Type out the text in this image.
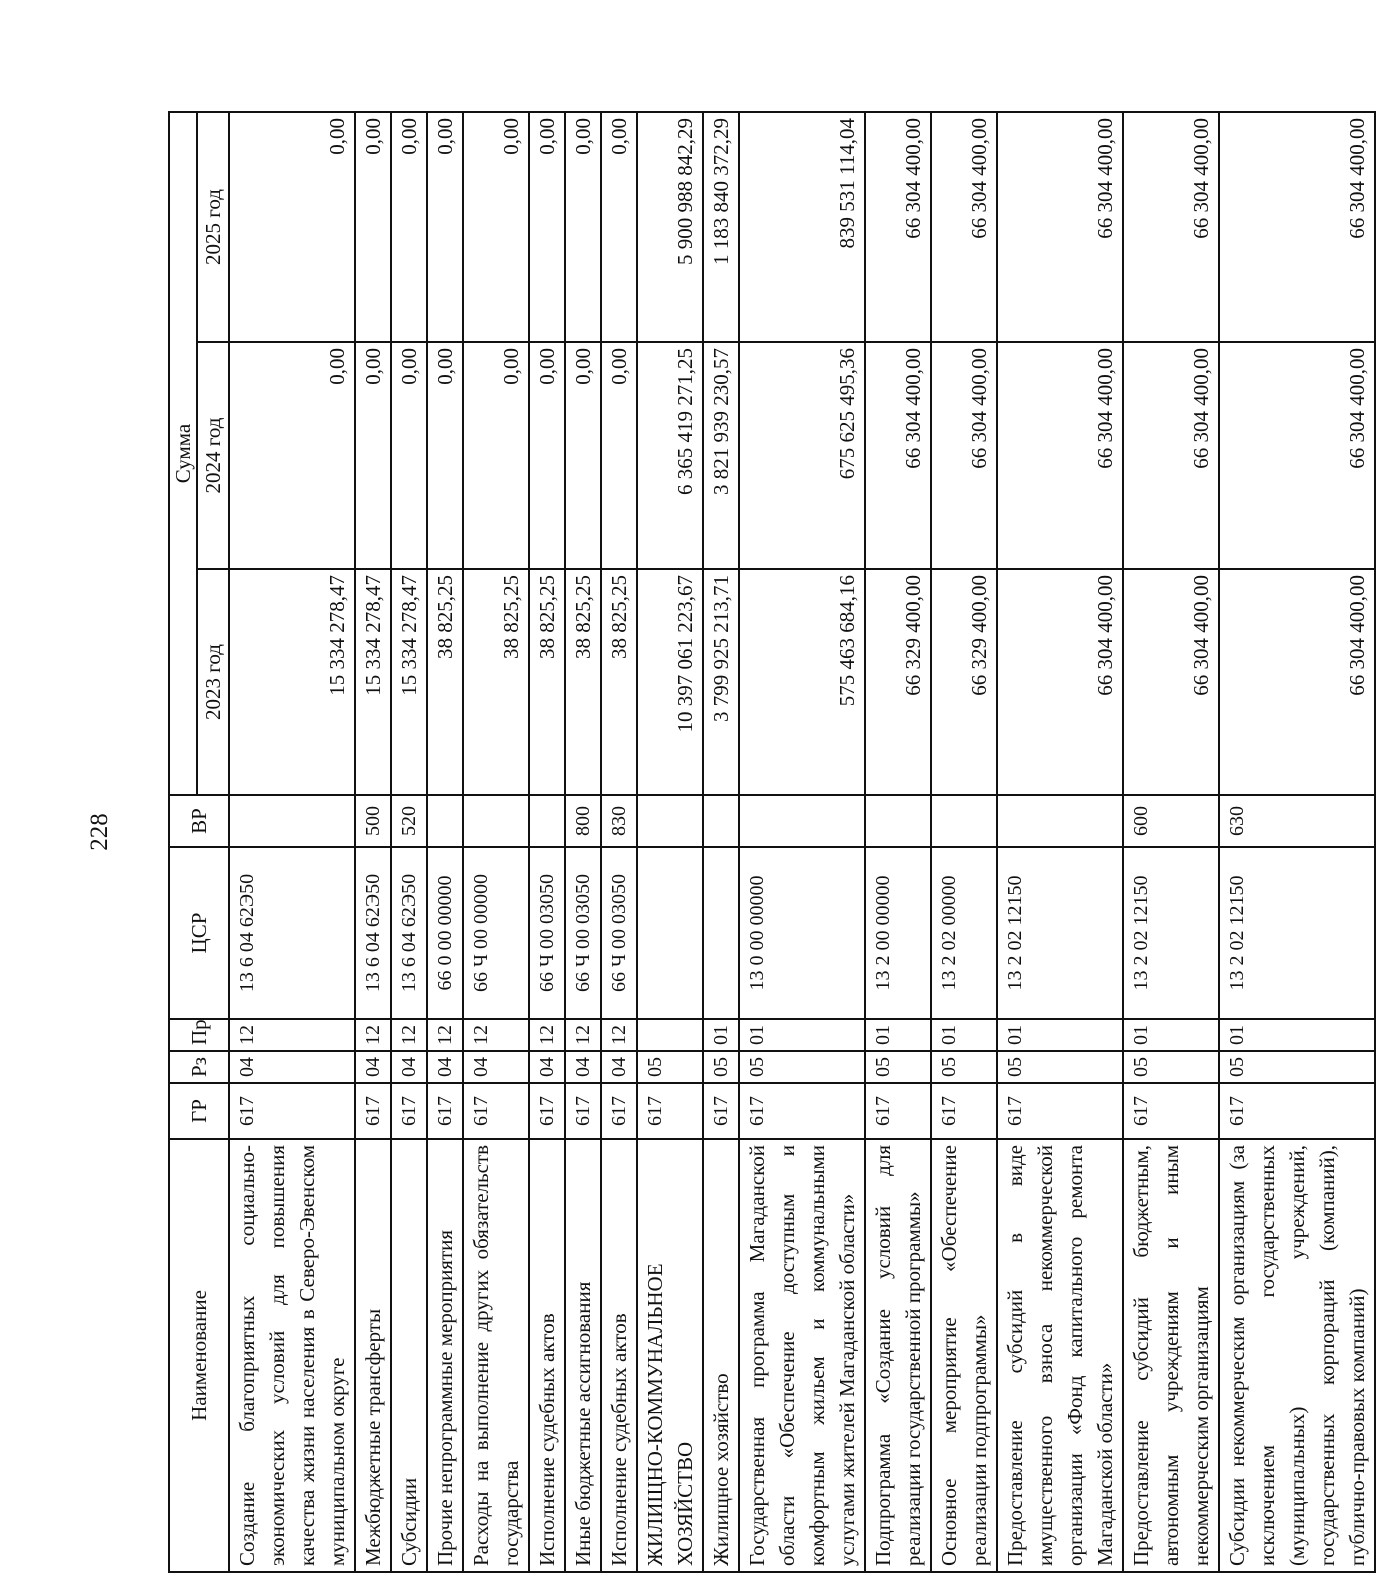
228
Наименование	ГР	Рз	Пр	ЦСР	ВР	Сумма		
						2023 год	2024 год	2025 год
Создание благоприятных социально-экономических условий для повышения качества жизни населения в Северо-Эвенском муниципальном округе	617	04	12	13 6 04 62Э50		15 334 278,47	0,00	0,00
Межбюджетные трансферты	617	04	12	13 6 04 62Э50	500	15 334 278,47	0,00	0,00
Субсидии	617	04	12	13 6 04 62Э50	520	15 334 278,47	0,00	0,00
Прочие непрограммные мероприятия	617	04	12	66 0 00 00000		38 825,25	0,00	0,00
Расходы на выполнение других обязательств государства	617	04	12	66 Ч 00 00000		38 825,25	0,00	0,00
Исполнение судебных актов	617	04	12	66 Ч 00 03050		38 825,25	0,00	0,00
Иные бюджетные ассигнования	617	04	12	66 Ч 00 03050	800	38 825,25	0,00	0,00
Исполнение судебных актов	617	04	12	66 Ч 00 03050	830	38 825,25	0,00	0,00
ЖИЛИЩНО-КОММУНАЛЬНОЕ ХОЗЯЙСТВО	617	05				10 397 061 223,67	6 365 419 271,25	5 900 988 842,29
Жилищное хозяйство	617	05	01			3 799 925 213,71	3 821 939 230,57	1 183 840 372,29
Государственная программа Магаданской области «Обеспечение доступным и комфортным жильем и коммунальными услугами жителей Магаданской области»	617	05	01	13 0 00 00000		575 463 684,16	675 625 495,36	839 531 114,04
Подпрограмма «Создание условий для реализации государственной программы»	617	05	01	13 2 00 00000		66 329 400,00	66 304 400,00	66 304 400,00
Основное мероприятие «Обеспечение реализации подпрограммы»	617	05	01	13 2 02 00000		66 329 400,00	66 304 400,00	66 304 400,00
Предоставление субсидий в виде имущественного взноса некоммерческой организации «Фонд капитального ремонта Магаданской области»	617	05	01	13 2 02 12150		66 304 400,00	66 304 400,00	66 304 400,00
Предоставление субсидий бюджетным, автономным учреждениям и иным некоммерческим организациям	617	05	01	13 2 02 12150	600	66 304 400,00	66 304 400,00	66 304 400,00
Субсидии некоммерческим организациям (за исключением государственных (муниципальных) учреждений, государственных корпораций (компаний), публично-правовых компаний)	617	05	01	13 2 02 12150	630	66 304 400,00	66 304 400,00	66 304 400,00
